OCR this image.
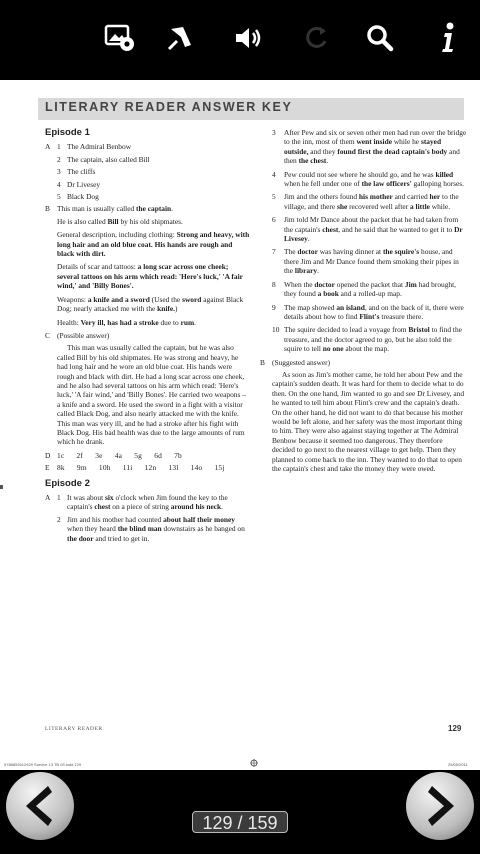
LITERARY READER ANSWER KEY
Episode 1
A 1 The Admiral Benbow
2 The captain, also called Bill
3 The cliffs
4 Dr Livesey
5 Black Dog
B This man is usually called the captain.

He is also called Bill by his old shipmates.

General description, including clothing: Strong and heavy, with long hair and an old blue coat. His hands are rough and black with dirt.

Details of scar and tattoos: a long scar across one cheek; several tattoos on his arm which read: 'Here's luck,' 'A fair wind,' and 'Billy Bones'.

Weapons: a knife and a sword (Used the sword against Black Dog; nearly attacked me with the knife.)

Health: Very ill, has had a stroke due to rum.

C (Possible answer)

This man was usually called the captain, but he was also called Bill by his old shipmates. He was strong and heavy, he had long hair and he wore an old blue coat. His hands were rough and black with dirt. He had a long scar across one cheek, and he also had several tattoos on his arm which read: 'Here's luck,' 'A fair wind,' and 'Billy Bones'. He carried two weapons – a knife and a sword. He used the sword in a fight with a visitor called Black Dog, and also nearly attacked me with the knife. This man was very ill, and he had a stroke after his fight with Black Dog. His bad health was due to the large amounts of rum which he drank.

D 1c   2f   3e   4a   5g   6d   7b
E	8k   9m   10h   11i   12n   13l   14o   15j
Episode 2
A 1 It was about six o'clock when Jim found the key to the captain's chest on a piece of string around his neck.
2 Jim and his mother had counted about half their money when they heard the blind man downstairs as he banged on the door and tried to get in.
3	After Pew and six or seven other men had run over the bridge to the inn, most of them went inside while he stayed outside, and they found first the dead captain's body and then the chest.
4	Pew could not see where he should go, and he was killed when he fell under one of the law officers' galloping horses.
5	Jim and the others found his mother and carried her to the village, and there she recovered well after a little while.
6	Jim told Mr Dance about the packet that he had taken from the captain's chest, and he said that he wanted to get it to Dr Livesey.
7	The doctor was having dinner at the squire's house, and there Jim and Mr Dance found them smoking their pipes in the library.
8	When the doctor opened the packet that Jim had brought, they found a book and a rolled-up map.
9	The map showed an island, and on the back of it, there were details about how to find Flint's treasure there.
10 The squire decided to lead a voyage from Bristol to find the treasure, and the doctor agreed to go, but he also told the squire to tell no one about the map.
B (Suggested answer)

As soon as Jim's mother came, he told her about Pew and the captain's sudden death. It was hard for them to decide what to do then. On the one hand, Jim wanted to go and see Dr Livesey, and he wanted to tell him about Flint's crew and the captain's death. On the other hand, he did not want to do that because his mother would be left alone, and her safety was the most important thing to him. They were also against staying together at The Admiral Benbow because it seemed too dangerous. They therefore decided to go next to the nearest village to get help. Then they planned to come back to the inn. They wanted to do that to open the captain's chest and take the money they were owed.

LITERARY READER	129
9788853012929 Survive 13 TB 03.indd 129	25/05/2011
129 / 159
